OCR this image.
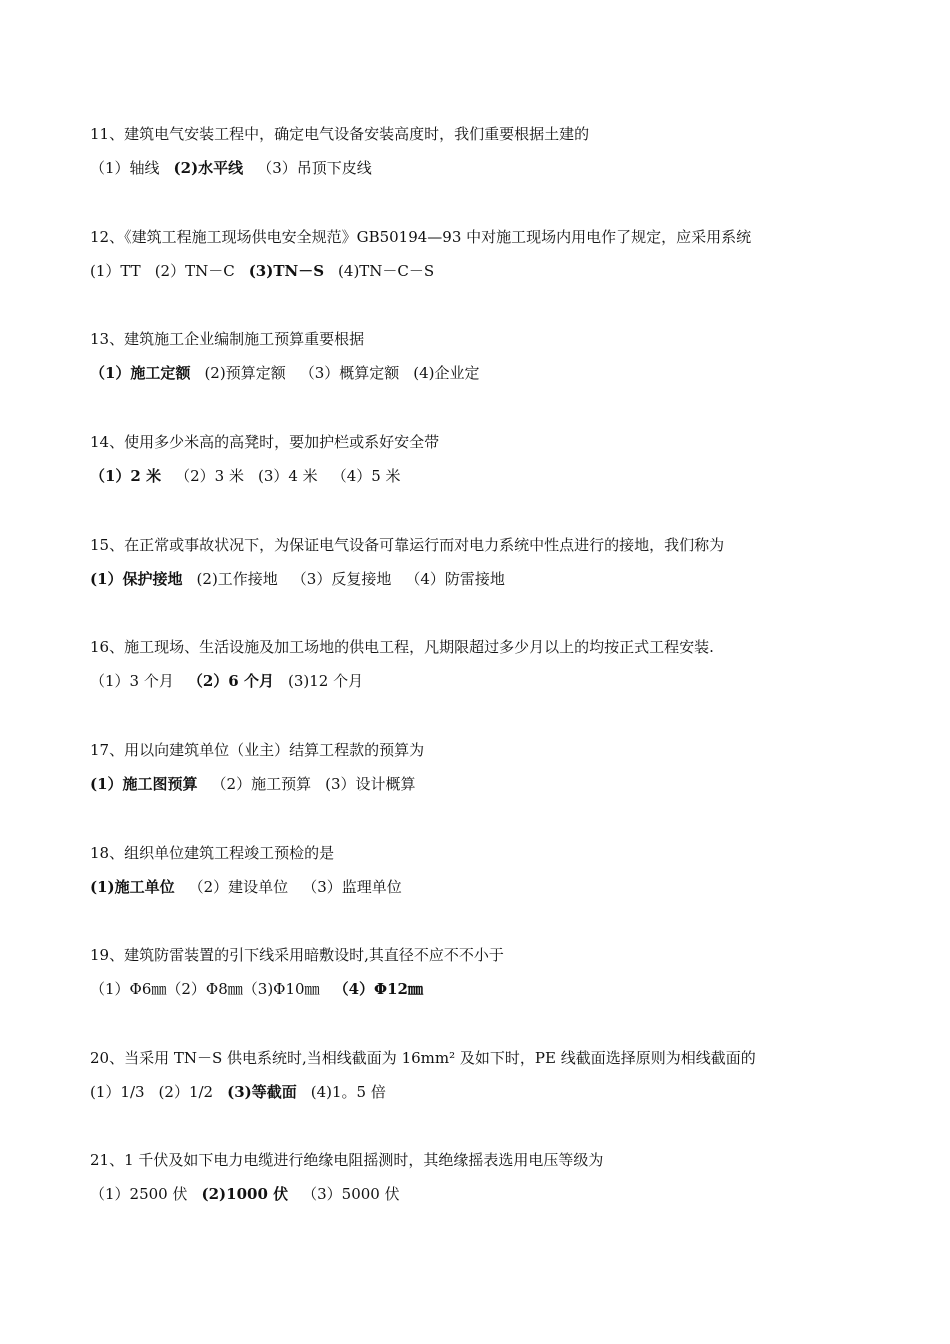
11、建筑电气安装工程中，确定电气设备安装高度时，我们重要根据土建的
（1）轴线 (2)水平线 （3）吊顶下皮线
12、《建筑工程施工现场供电安全规范》GB50194—93 中对施工现场内用电作了规定，应采用系统
(1）TT (2）TN－C (3)TN－S (4)TN－C－S
13、建筑施工企业编制施工预算重要根据
（1）施工定额 (2)预算定额 （3）概算定额 (4)企业定
14、使用多少米高的高凳时，要加护栏或系好安全带
（1）2 米 （2）3 米 (3）4 米 （4）5 米
15、在正常或事故状况下，为保证电气设备可靠运行而对电力系统中性点进行的接地，我们称为
(1）保护接地 (2)工作接地 （3）反复接地 （4）防雷接地
16、施工现场、生活设施及加工场地的供电工程，凡期限超过多少月以上的均按正式工程安装.
（1）3 个月 （2）6 个月 (3)12 个月
17、用以向建筑单位（业主）结算工程款的预算为
(1）施工图预算 （2）施工预算 (3）设计概算
18、组织单位建筑工程竣工预检的是
(1)施工单位 （2）建设单位 （3）监理单位
19、建筑防雷装置的引下线采用暗敷设时,其直径不应不不小于
（1）Φ6㎜（2）Φ8㎜（3)Φ10㎜ （4）Φ12㎜
20、当采用 TN－S 供电系统时,当相线截面为 16mm² 及如下时，PE 线截面选择原则为相线截面的
(1）1/3 (2）1/2 (3)等截面 (4)1。5 倍
21、1 千伏及如下电力电缆进行绝缘电阻摇测时，其绝缘摇表选用电压等级为
（1）2500 伏 (2)1000 伏 （3）5000 伏
